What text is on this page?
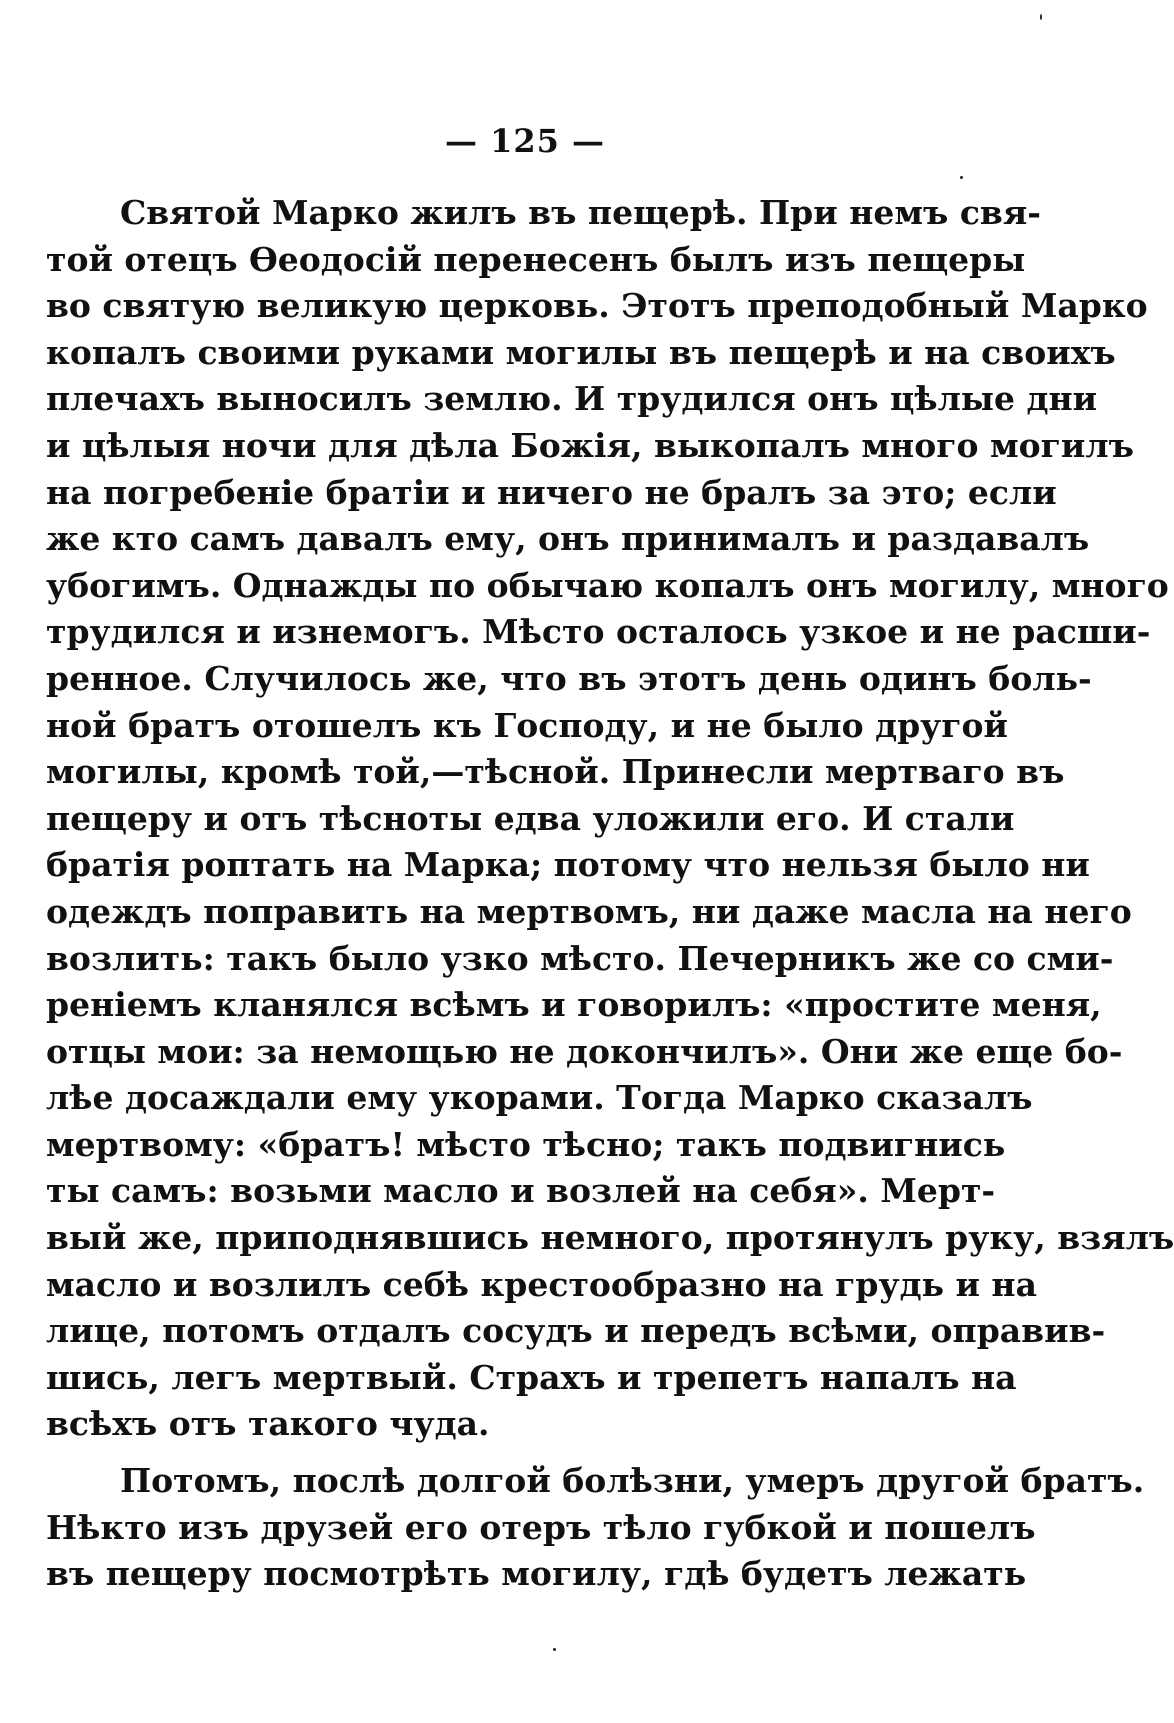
— 125 —
Святой Марко жилъ въ пещерѣ. При немъ свя-
той отецъ Ѳеодосій перенесенъ былъ изъ пещеры
во святую великую церковь. Этотъ преподобный Марко
копалъ своими руками могилы въ пещерѣ и на своихъ
плечахъ выносилъ землю. И трудился онъ цѣлые дни
и цѣлыя ночи для дѣла Божія, выкопалъ много могилъ
на погребеніе братіи и ничего не бралъ за это; если
же кто самъ давалъ ему, онъ принималъ и раздавалъ
убогимъ. Однажды по обычаю копалъ онъ могилу, много
трудился и изнемогъ. Мѣсто осталось узкое и не расши-
ренное. Случилось же, что въ этотъ день одинъ боль-
ной братъ отошелъ къ Господу, и не было другой
могилы, кромѣ той,—тѣсной. Принесли мертваго въ
пещеру и отъ тѣсноты едва уложили его. И стали
братія роптать на Марка; потому что нельзя было ни
одеждъ поправить на мертвомъ, ни даже масла на него
возлить: такъ было узко мѣсто. Печерникъ же со сми-
реніемъ кланялся всѣмъ и говорилъ: «простите меня,
отцы мои: за немощью не докончилъ». Они же еще бо-
лѣе досаждали ему укорами. Тогда Марко сказалъ
мертвому: «братъ! мѣсто тѣсно; такъ подвигнись
ты самъ: возьми масло и возлей на себя». Мерт-
вый же, приподнявшись немного, протянулъ руку, взялъ
масло и возлилъ себѣ крестообразно на грудь и на
лице, потомъ отдалъ сосудъ и передъ всѣми, оправив-
шись, легъ мертвый. Страхъ и трепетъ напалъ на
всѣхъ отъ такого чуда.
Потомъ, послѣ долгой болѣзни, умеръ другой братъ.
Нѣкто изъ друзей его отеръ тѣло губкой и пошелъ
въ пещеру посмотрѣть могилу, гдѣ будетъ лежать
